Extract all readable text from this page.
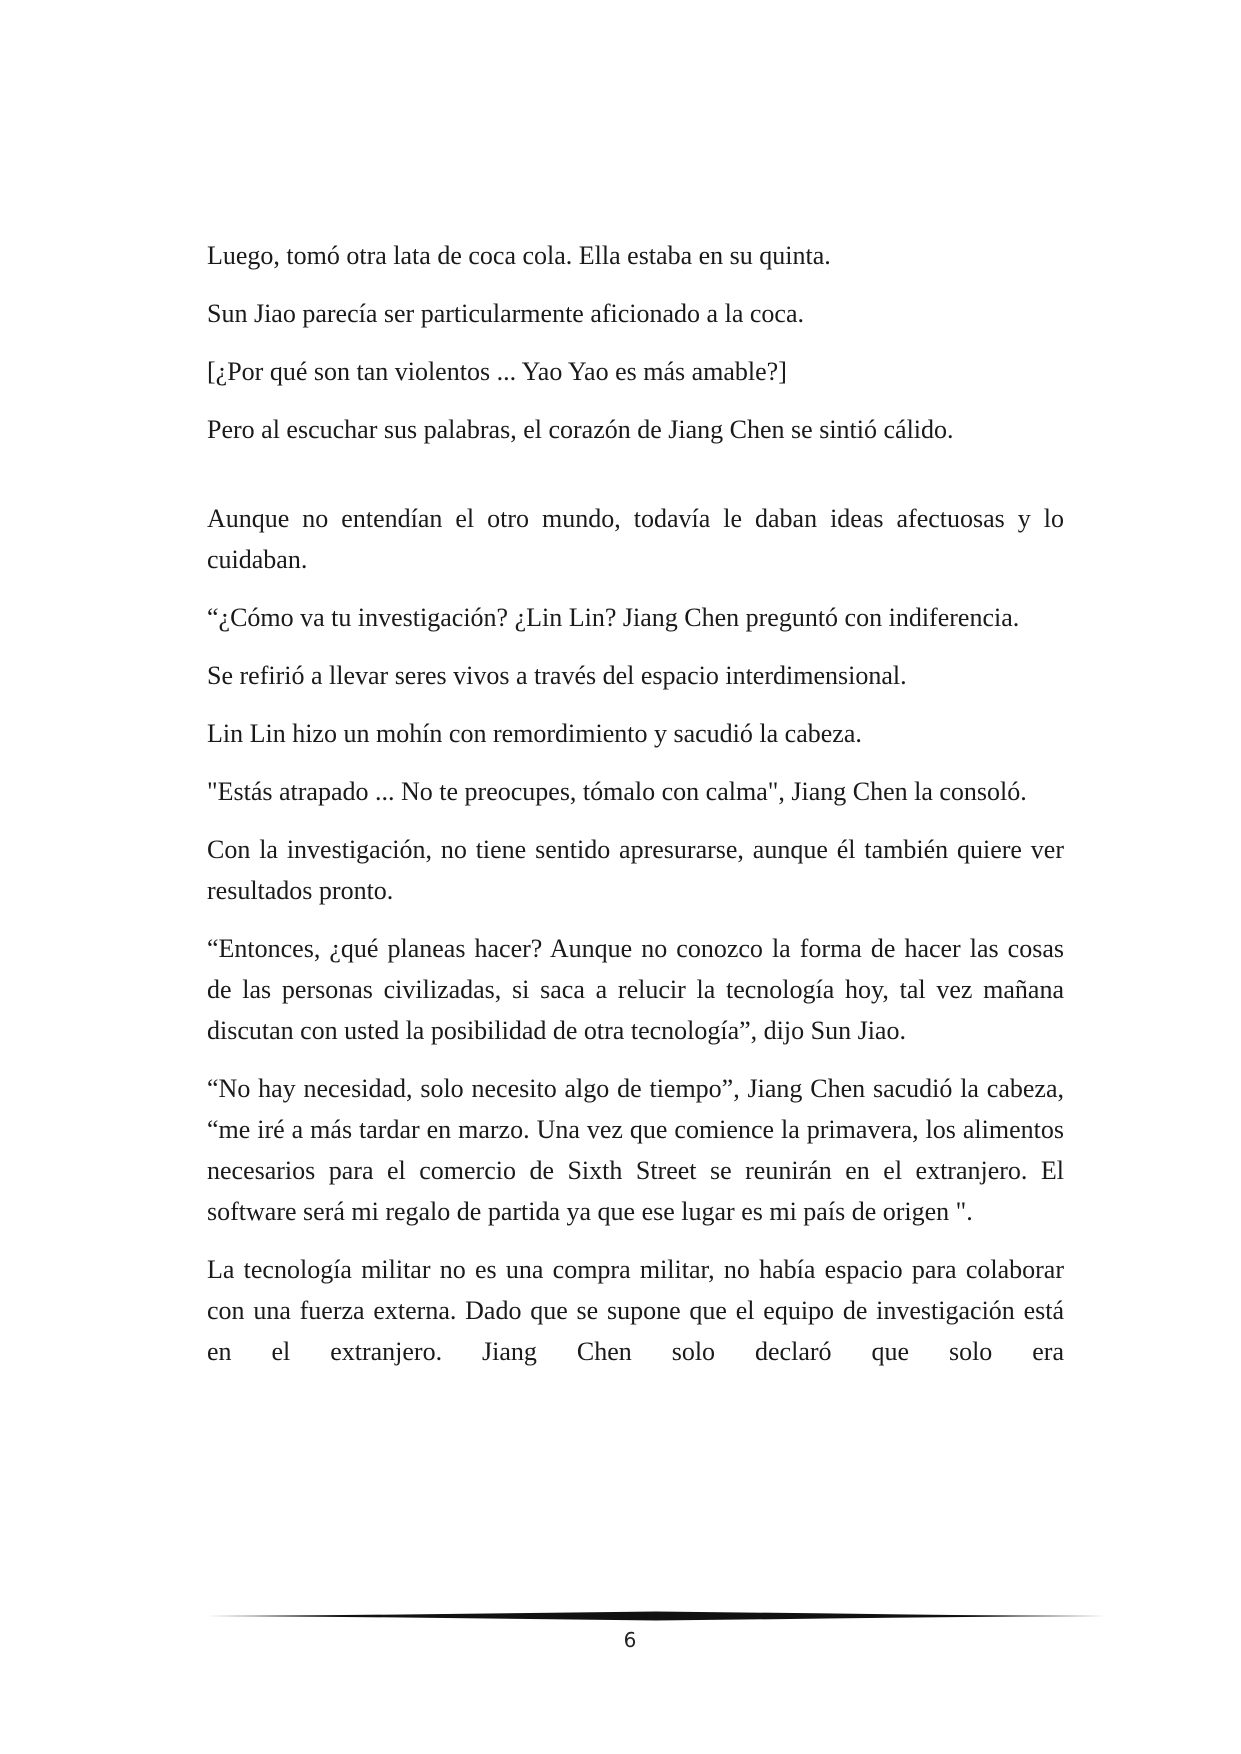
Luego, tomó otra lata de coca cola. Ella estaba en su quinta.

Sun Jiao parecía ser particularmente aficionado a la coca.

[¿Por qué son tan violentos ... Yao Yao es más amable?]

Pero al escuchar sus palabras, el corazón de Jiang Chen se sintió cálido.

Aunque no entendían el otro mundo, todavía le daban ideas afectuosas y lo cuidaban.

“¿Cómo va tu investigación? ¿Lin Lin? Jiang Chen preguntó con indiferencia.

Se refirió a llevar seres vivos a través del espacio interdimensional.

Lin Lin hizo un mohín con remordimiento y sacudió la cabeza.

"Estás atrapado ... No te preocupes, tómalo con calma", Jiang Chen la consoló.

Con la investigación, no tiene sentido apresurarse, aunque él también quiere ver resultados pronto.

“Entonces, ¿qué planeas hacer? Aunque no conozco la forma de hacer las cosas de las personas civilizadas, si saca a relucir la tecnología hoy, tal vez mañana discutan con usted la posibilidad de otra tecnología”, dijo Sun Jiao.

“No hay necesidad, solo necesito algo de tiempo”, Jiang Chen sacudió la cabeza, “me iré a más tardar en marzo. Una vez que comience la primavera, los alimentos necesarios para el comercio de Sixth Street se reunirán en el extranjero. El software será mi regalo de partida ya que ese lugar es mi país de origen ".

La tecnología militar no es una compra militar, no había espacio para colaborar con una fuerza externa. Dado que se supone que el equipo de investigación está en el extranjero. Jiang Chen solo declaró que solo era

6
